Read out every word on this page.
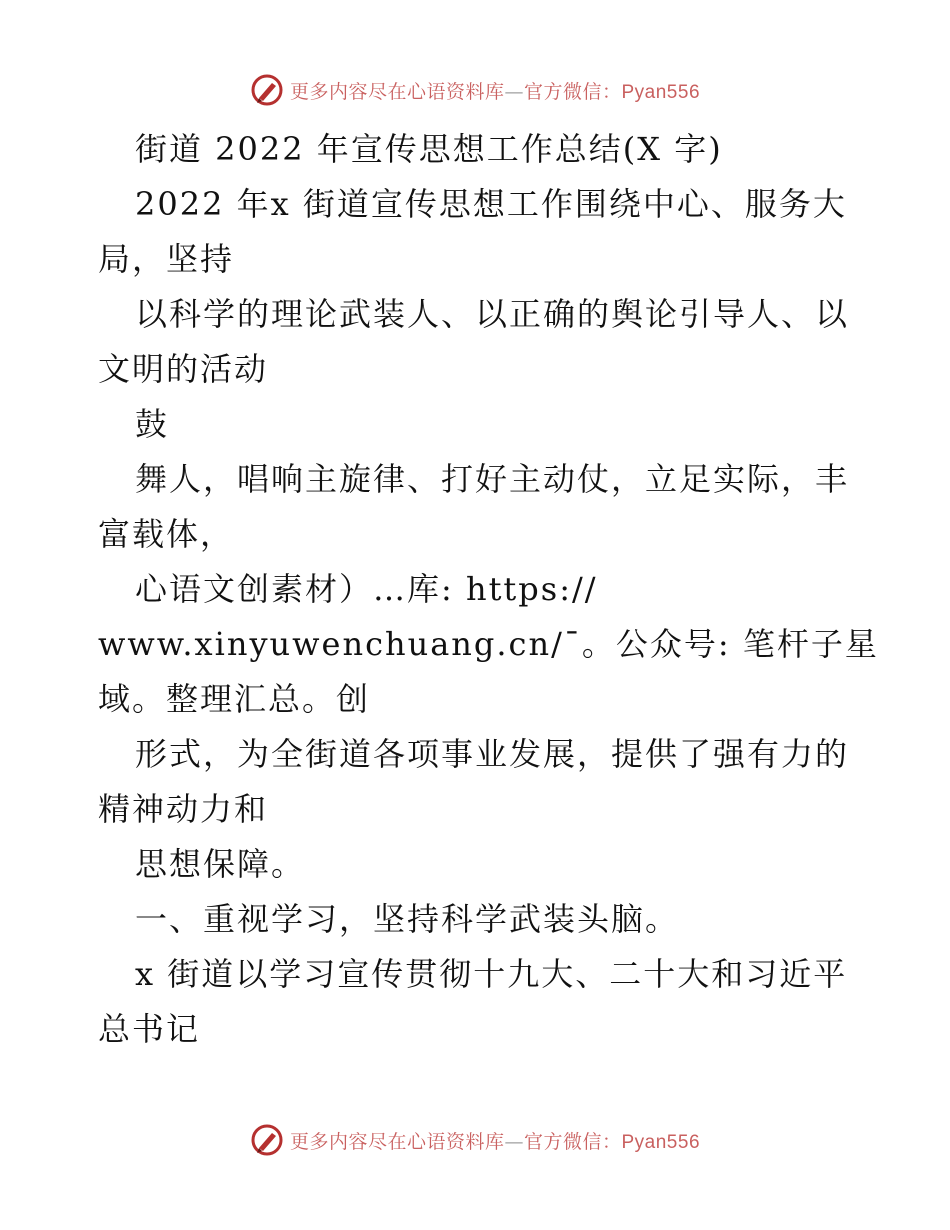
更多内容尽在心语资料库—官方微信：Pyan556
街道 2022 年宣传思想工作总结(X 字)
2022 年x 街道宣传思想工作围绕中心、服务大
局，坚持
以科学的理论武装人、以正确的舆论引导人、以
文明的活动
鼓
舞人，唱响主旋律、打好主动仗，立足实际，丰
富载体，
心语文创素材）…库: https://
www.xinyuwenchuang.cn/¯。公众号: 笔杆子星
域。整理汇总。创
形式，为全街道各项事业发展，提供了强有力的
精神动力和
思想保障。
一、重视学习，坚持科学武装头脑。
x 街道以学习宣传贯彻十九大、二十大和习近平
总书记
更多内容尽在心语资料库—官方微信：Pyan556
